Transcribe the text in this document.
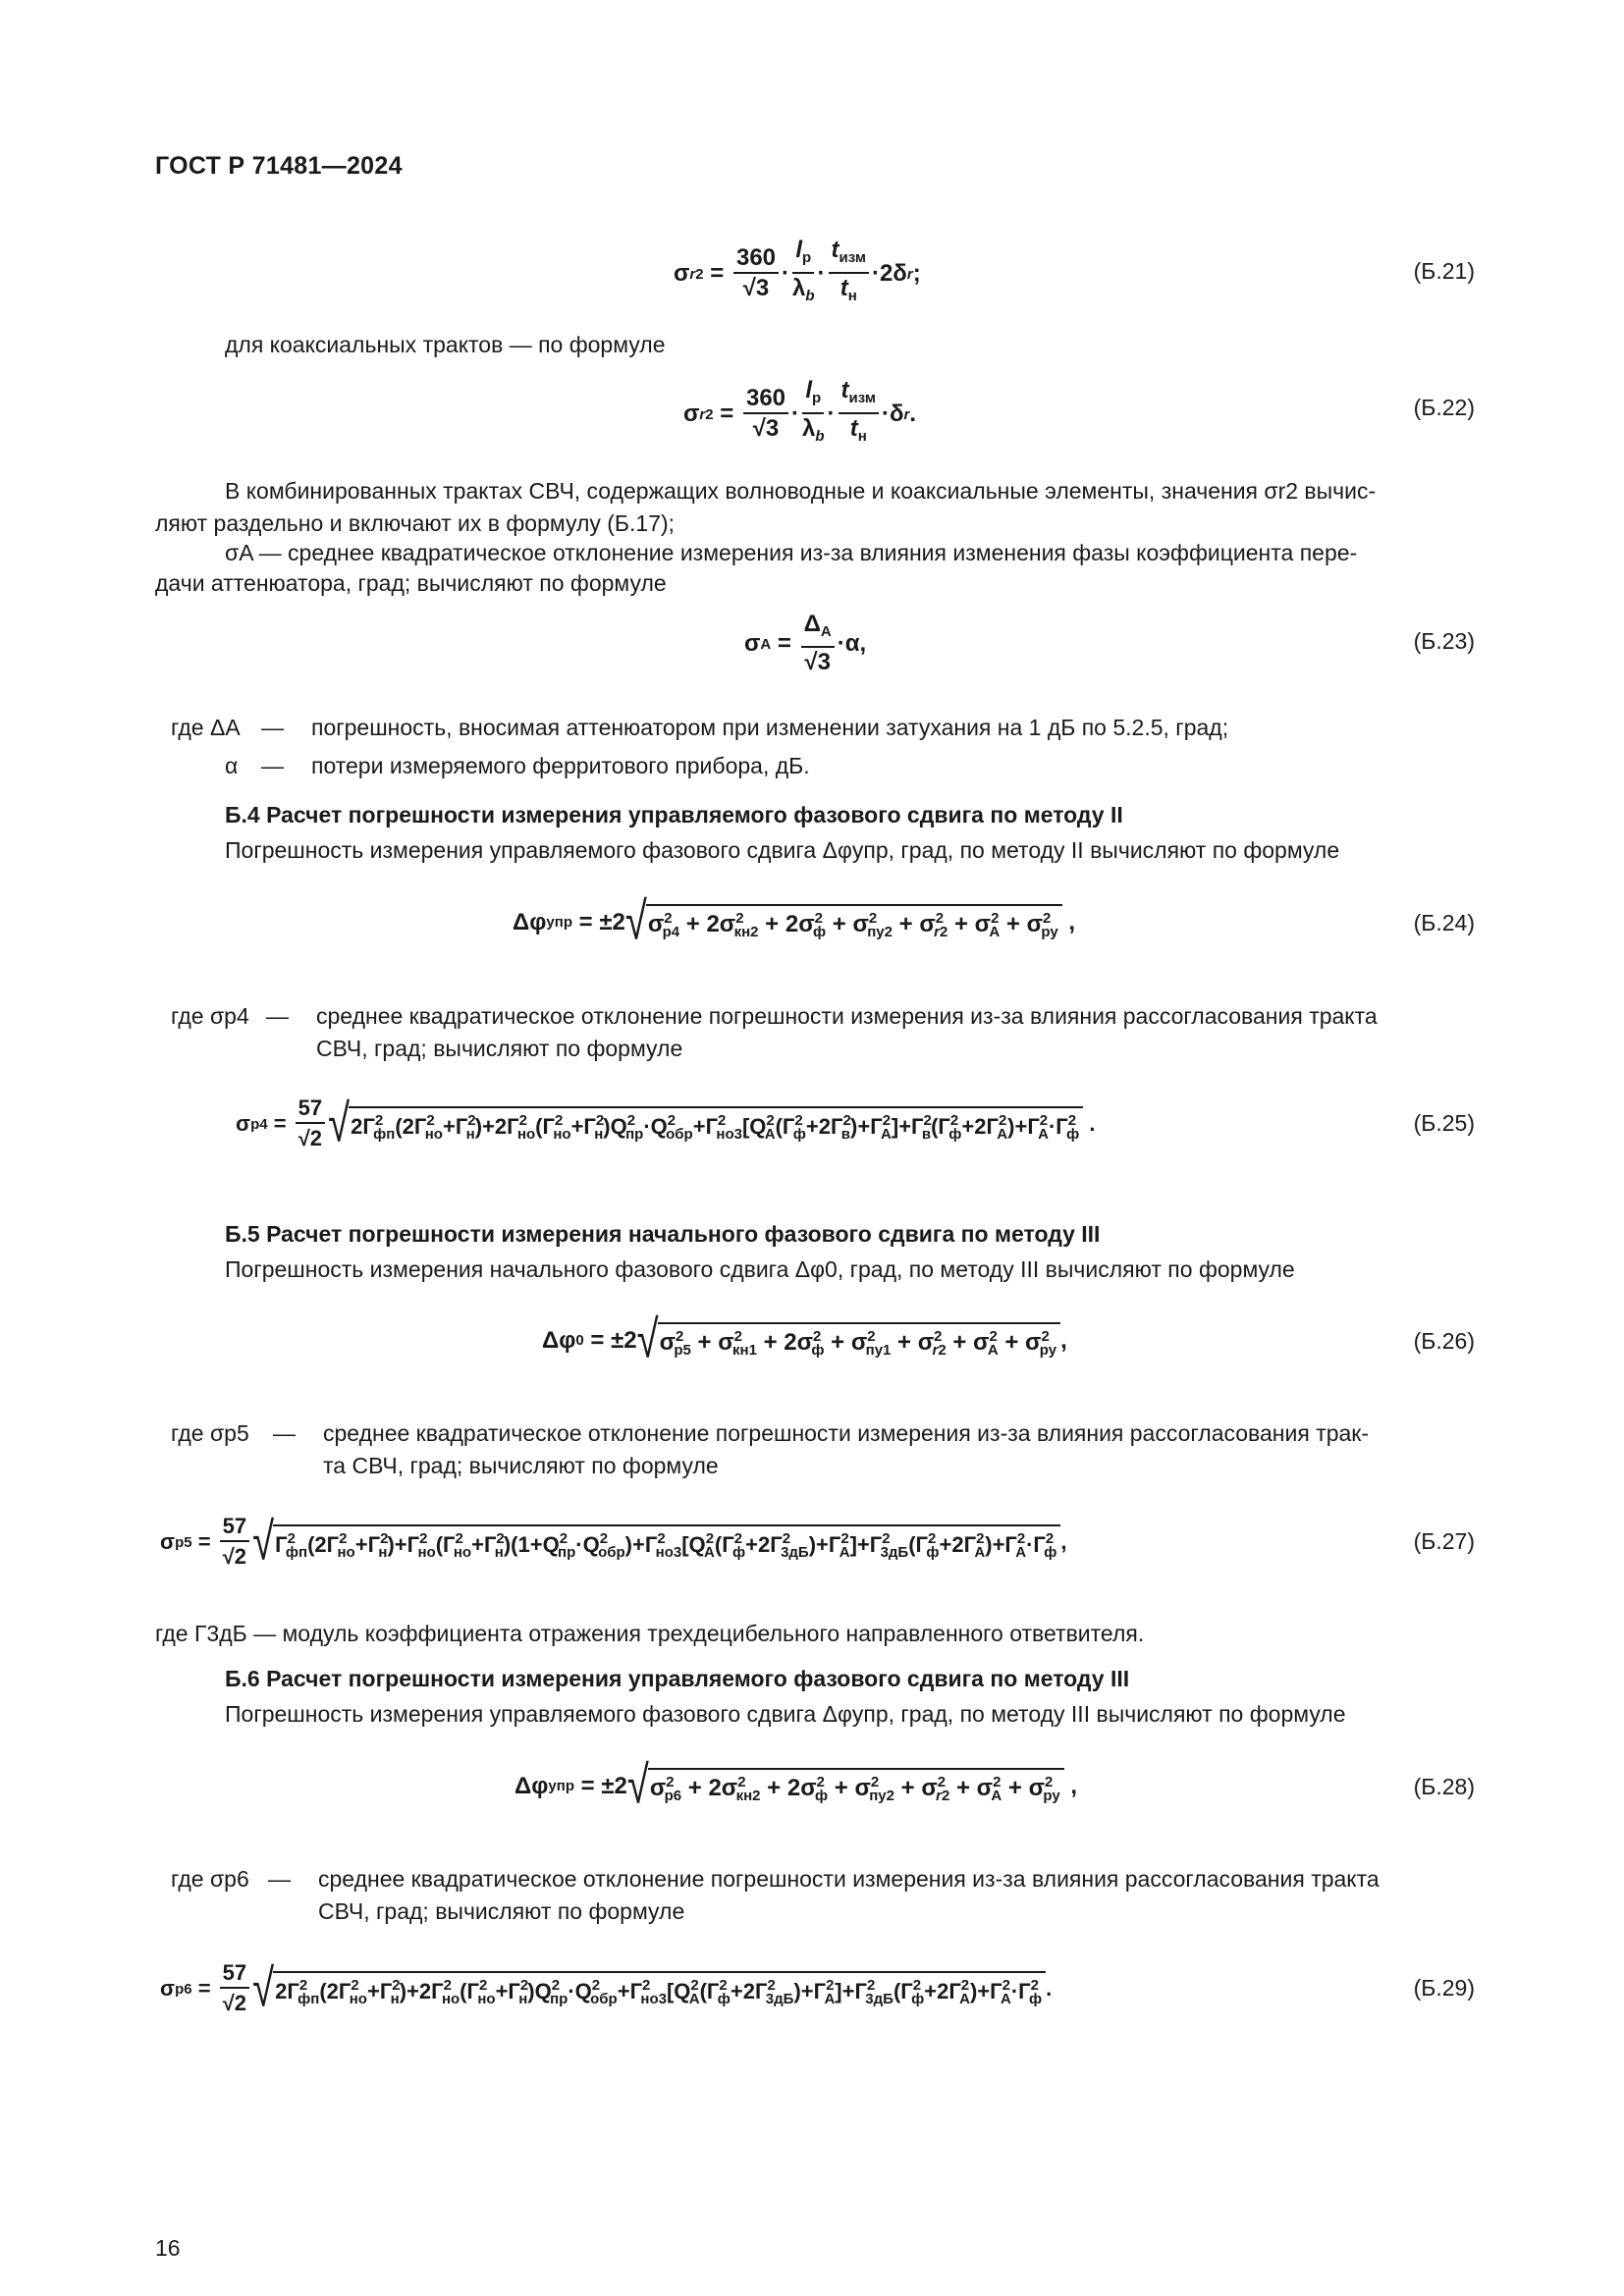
ГОСТ Р 71481—2024
σ $r2 = \frac{360}{√3} \cdot \frac{l_р}{\lambda_b} \cdot \frac{t_{изм}}{t_н} \cdot 2\delta$ r ;	(Б.21)
для коаксиальных трактов — по формуле
σ $r2 = \frac{360}{√3} \cdot \frac{l_р}{\lambda_b} \cdot \frac{t_{изм}}{t_н} \cdot\delta$ r .	(Б.22)
В комбинированных трактах СВЧ, содержащих волноводные и коаксиальные элементы, значения σr2 вычис-
ляют раздельно и включают их в формулу (Б.17);
σA — среднее квадратическое отклонение измерения из-за влияния изменения фазы коэффициента пере-
дачи аттенюатора, град; вычисляют по формуле
σ $A = \frac{\Delta_A}{√3} \cdot\alpha$,	(Б.23)
где ΔA — погрешность, вносимая аттенюатором при изменении затухания на 1 дБ по 5.2.5, град;
α — потери измеряемого ферритового прибора, дБ.
Б.4 Расчет погрешности измерения управляемого фазового сдвига по методу II
Погрешность измерения управляемого фазового сдвига Δφупр, град, по методу II вычисляют по формуле
Δφ упр = ±2 √ $\sigma^2_{р4} + 2\sigma^2_{кн2} + 2\sigma^2_ф + \sigma^2_{пу2} + \sigma^2_{r2} + \sigma^2_A + \sigma^2_{ру}$ ,	(Б.24)
где σр4 — среднее квадратическое отклонение погрешности измерения из-за влияния рассогласования тракта
СВЧ, град; вычисляют по формуле
σ $р4 = \frac{57}{√2}$ √ $2Г^2_{фп}(2Г^2_{но}+Г^2_н)+2Г^2_{но}(Г^2_{но}+Г^2_н)Q^2_{пр}\cdot Q^2_{обр}+Г^2_{но3}[Q^2_A(Г^2_ф+2Г^2_в)+Г^2_A]+Г^2_в(Г^2_ф+2Г^2_A)+Г^2_A\cdot Г^2_ф$ .	(Б.25)
Б.5 Расчет погрешности измерения начального фазового сдвига по методу III
Погрешность измерения начального фазового сдвига Δφ0, град, по методу III вычисляют по формуле
Δφ 0 = ±2 √ $\sigma^2_{р5} + \sigma^2_{кн1} + 2\sigma^2_ф + \sigma^2_{пу1} + \sigma^2_{r2} + \sigma^2_A + \sigma^2_{ру}$ ,	(Б.26)
где σр5 — среднее квадратическое отклонение погрешности измерения из-за влияния рассогласования трак-
та СВЧ, град; вычисляют по формуле
σ $р5 = \frac{57}{√2}$ √ $Г^2_{фп}(2Г^2_{но}+Г^2_н)+Г^2_{но}(Г^2_{но}+Г^2_н)(1+Q^2_{пр}\cdot Q^2_{обр})+Г^2_{но3}[Q^2_A(Г^2_ф+2Г^2_{3дБ})+Г^2_A]+Г^2_{3дБ}(Г^2_ф+2Г^2_A)+Г^2_A\cdot Г^2_ф$ ,	(Б.27)
где Г3дБ — модуль коэффициента отражения трехдецибельного направленного ответвителя.
Б.6 Расчет погрешности измерения управляемого фазового сдвига по методу III
Погрешность измерения управляемого фазового сдвига Δφупр, град, по методу III вычисляют по формуле
Δφ упр = ±2 √ $\sigma^2_{р6} + 2\sigma^2_{кн2} + 2\sigma^2_ф + \sigma^2_{пу2} + \sigma^2_{r2} + \sigma^2_A + \sigma^2_{ру}$ ,	(Б.28)
где σр6 — среднее квадратическое отклонение погрешности измерения из-за влияния рассогласования тракта
СВЧ, град; вычисляют по формуле
σ $р6 = \frac{57}{√2}$ √ $2Г^2_{фп}(2Г^2_{но}+Г^2_н)+2Г^2_{но}(Г^2_{но}+Г^2_н)Q^2_{пр}\cdot Q^2_{обр}+Г^2_{но3}[Q^2_A(Г^2_ф+2Г^2_{3дБ})+Г^2_A]+Г^2_{3дБ}(Г^2_ф+2Г^2_A)+Г^2_A\cdot Г^2_ф$ .	(Б.29)
16
